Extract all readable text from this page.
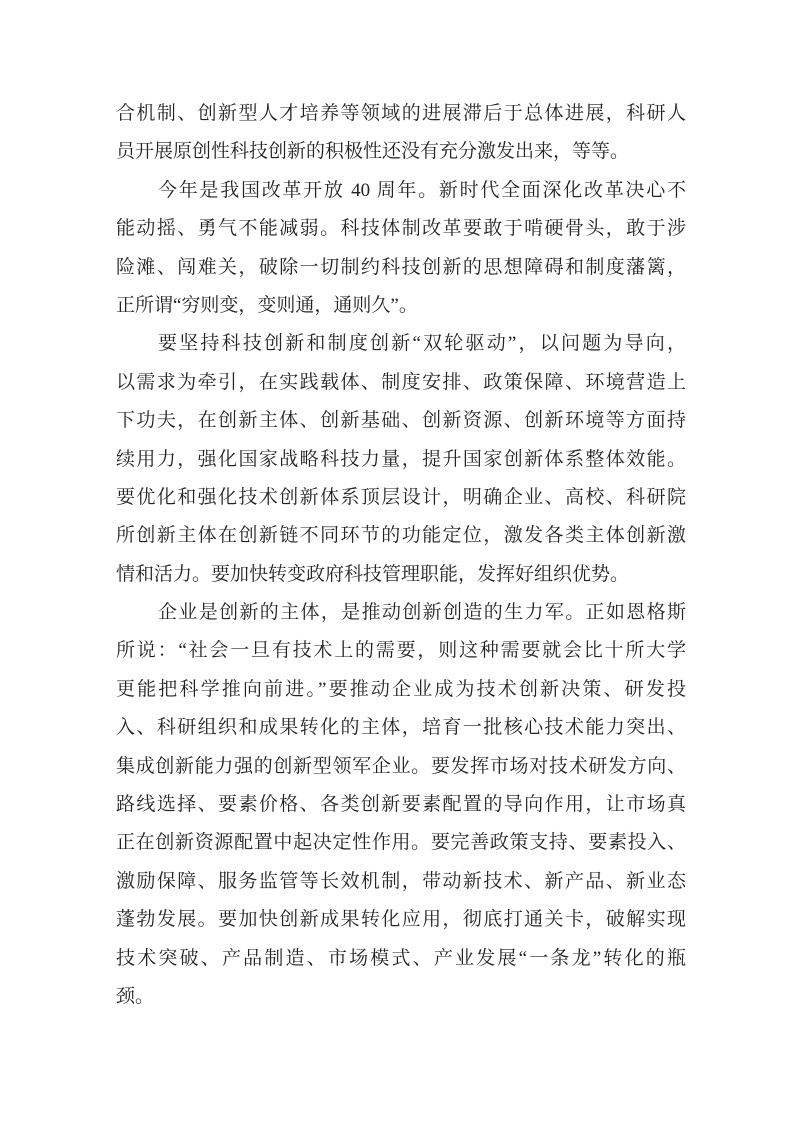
合机制、创新型人才培养等领域的进展滞后于总体进展，科研人
员开展原创性科技创新的积极性还没有充分激发出来，等等。
今年是我国改革开放 40 周年。新时代全面深化改革决心不
能动摇、勇气不能减弱。科技体制改革要敢于啃硬骨头，敢于涉
险滩、闯难关，破除一切制约科技创新的思想障碍和制度藩篱，
正所谓“穷则变，变则通，通则久”。
要坚持科技创新和制度创新“双轮驱动”，以问题为导向，
以需求为牵引，在实践载体、制度安排、政策保障、环境营造上
下功夫，在创新主体、创新基础、创新资源、创新环境等方面持
续用力，强化国家战略科技力量，提升国家创新体系整体效能。
要优化和强化技术创新体系顶层设计，明确企业、高校、科研院
所创新主体在创新链不同环节的功能定位，激发各类主体创新激
情和活力。要加快转变政府科技管理职能，发挥好组织优势。
企业是创新的主体，是推动创新创造的生力军。正如恩格斯
所说：“社会一旦有技术上的需要，则这种需要就会比十所大学
更能把科学推向前进。”要推动企业成为技术创新决策、研发投
入、科研组织和成果转化的主体，培育一批核心技术能力突出、
集成创新能力强的创新型领军企业。要发挥市场对技术研发方向、
路线选择、要素价格、各类创新要素配置的导向作用，让市场真
正在创新资源配置中起决定性作用。要完善政策支持、要素投入、
激励保障、服务监管等长效机制，带动新技术、新产品、新业态
蓬勃发展。要加快创新成果转化应用，彻底打通关卡，破解实现
技术突破、产品制造、市场模式、产业发展“一条龙”转化的瓶
颈。
